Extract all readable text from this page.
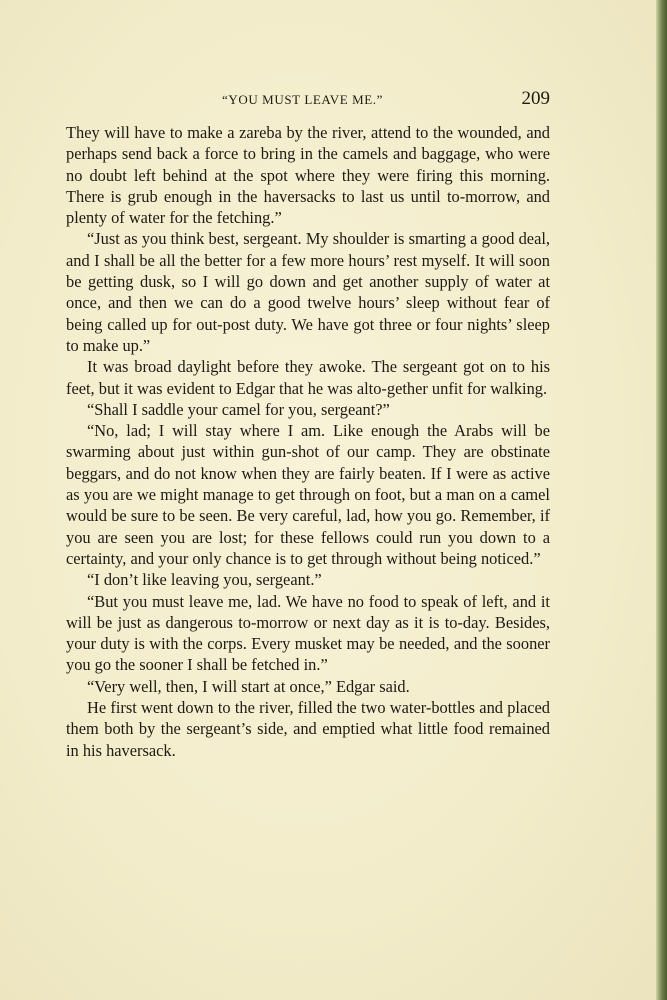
“YOU MUST LEAVE ME.”	209

They will have to make a zareba by the river, attend to the wounded, and perhaps send back a force to bring in the camels and baggage, who were no doubt left behind at the spot where they were firing this morning. There is grub enough in the haversacks to last us until to-morrow, and plenty of water for the fetching.”

“Just as you think best, sergeant. My shoulder is smarting a good deal, and I shall be all the better for a few more hours’ rest myself. It will soon be getting dusk, so I will go down and get another supply of water at once, and then we can do a good twelve hours’ sleep without fear of being called up for out-post duty. We have got three or four nights’ sleep to make up.”

It was broad daylight before they awoke. The sergeant got on to his feet, but it was evident to Edgar that he was alto-gether unfit for walking.

“Shall I saddle your camel for you, sergeant?”

“No, lad; I will stay where I am. Like enough the Arabs will be swarming about just within gun-shot of our camp. They are obstinate beggars, and do not know when they are fairly beaten. If I were as active as you are we might manage to get through on foot, but a man on a camel would be sure to be seen. Be very careful, lad, how you go. Remember, if you are seen you are lost; for these fellows could run you down to a certainty, and your only chance is to get through without being noticed.”

“I don’t like leaving you, sergeant.”

“But you must leave me, lad. We have no food to speak of left, and it will be just as dangerous to-morrow or next day as it is to-day. Besides, your duty is with the corps. Every musket may be needed, and the sooner you go the sooner I shall be fetched in.”

“Very well, then, I will start at once,” Edgar said.

He first went down to the river, filled the two water-bottles and placed them both by the sergeant’s side, and emptied what little food remained in his haversack.
